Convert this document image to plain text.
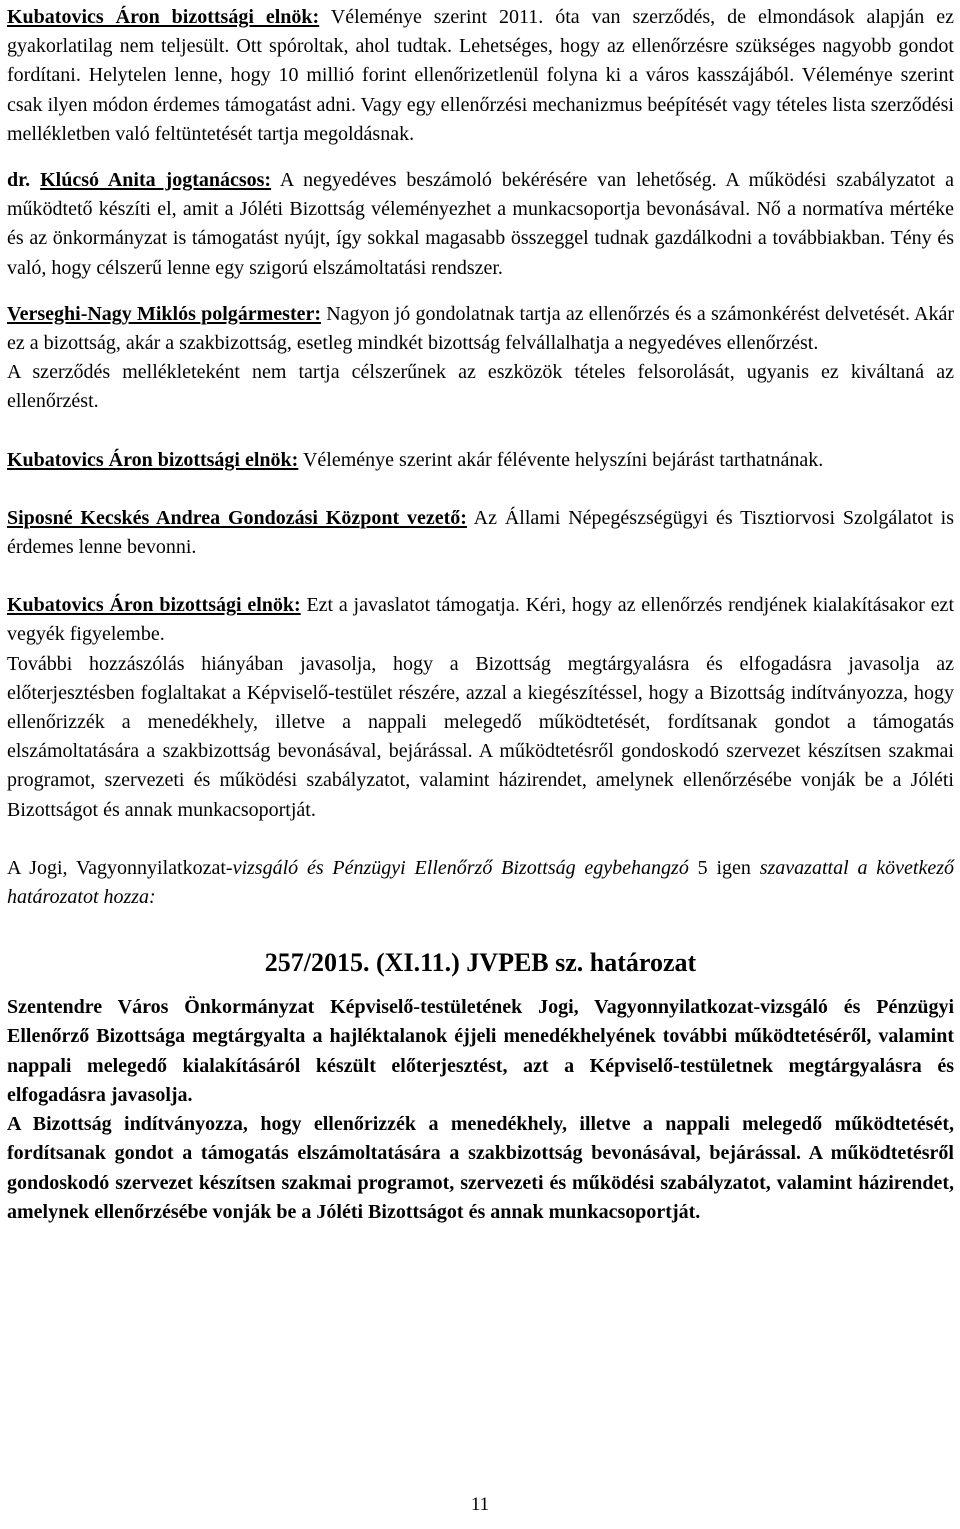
Kubatovics Áron bizottsági elnök: Véleménye szerint 2011. óta van szerződés, de elmondások alapján ez gyakorlatilag nem teljesült. Ott spóroltak, ahol tudtak. Lehetséges, hogy az ellenőrzésre szükséges nagyobb gondot fordítani. Helytelen lenne, hogy 10 millió forint ellenőrizetlenül folyna ki a város kasszájából. Véleménye szerint csak ilyen módon érdemes támogatást adni. Vagy egy ellenőrzési mechanizmus beépítését vagy tételes lista szerződési mellékletben való feltüntetését tartja megoldásnak.

dr. Klúcsó Anita jogtanácsos: A negyedéves beszámoló bekérésére van lehetőség. A működési szabályzatot a működtető készíti el, amit a Jóléti Bizottság véleményezhet a munkacsoportja bevonásával. Nő a normatíva mértéke és az önkormányzat is támogatást nyújt, így sokkal magasabb összeggel tudnak gazdálkodni a továbbiakban. Tény és való, hogy célszerű lenne egy szigorú elszámoltatási rendszer.

Verseghi-Nagy Miklós polgármester: Nagyon jó gondolatnak tartja az ellenőrzés és a számonkérést delvetését. Akár ez a bizottság, akár a szakbizottság, esetleg mindkét bizottság felvállalhatja a negyedéves ellenőrzést.

A szerződés mellékleteként nem tartja célszerűnek az eszközök tételes felsorolását, ugyanis ez kiváltaná az ellenőrzést.

Kubatovics Áron bizottsági elnök: Véleménye szerint akár félévente helyszíni bejárást tarthatnának.

Siposné Kecskés Andrea Gondozási Központ vezető: Az Állami Népegészségügyi és Tisztiorvosi Szolgálatot is érdemes lenne bevonni.

Kubatovics Áron bizottsági elnök: Ezt a javaslatot támogatja. Kéri, hogy az ellenőrzés rendjének kialakításakor ezt vegyék figyelembe.

További hozzászólás hiányában javasolja, hogy a Bizottság megtárgyalásra és elfogadásra javasolja az előterjesztésben foglaltakat a Képviselő-testület részére, azzal a kiegészítéssel, hogy a Bizottság indítványozza, hogy ellenőrizzék a menedékhely, illetve a nappali melegedő működtetését, fordítsanak gondot a támogatás elszámoltatására a szakbizottság bevonásával, bejárással. A működtetésről gondoskodó szervezet készítsen szakmai programot, szervezeti és működési szabályzatot, valamint házirendet, amelynek ellenőrzésébe vonják be a Jóléti Bizottságot és annak munkacsoportját.

A Jogi, Vagyonnyilatkozat-vizsgáló és Pénzügyi Ellenőrző Bizottság egybehangzó 5 igen szavazattal a következő határozatot hozza:

257/2015. (XI.11.) JVPEB sz. határozat

Szentendre Város Önkormányzat Képviselő-testületének Jogi, Vagyonnyilatkozat-vizsgáló és Pénzügyi Ellenőrző Bizottsága megtárgyalta a hajléktalanok éjjeli menedékhelyének további működtetéséről, valamint nappali melegedő kialakításáról készült előterjesztést, azt a Képviselő-testületnek megtárgyalásra és elfogadásra javasolja.

A Bizottság indítványozza, hogy ellenőrizzék a menedékhely, illetve a nappali melegedő működtetését, fordítsanak gondot a támogatás elszámoltatására a szakbizottság bevonásával, bejárással. A működtetésről gondoskodó szervezet készítsen szakmai programot, szervezeti és működési szabályzatot, valamint házirendet, amelynek ellenőrzésébe vonják be a Jóléti Bizottságot és annak munkacsoportját.

11
